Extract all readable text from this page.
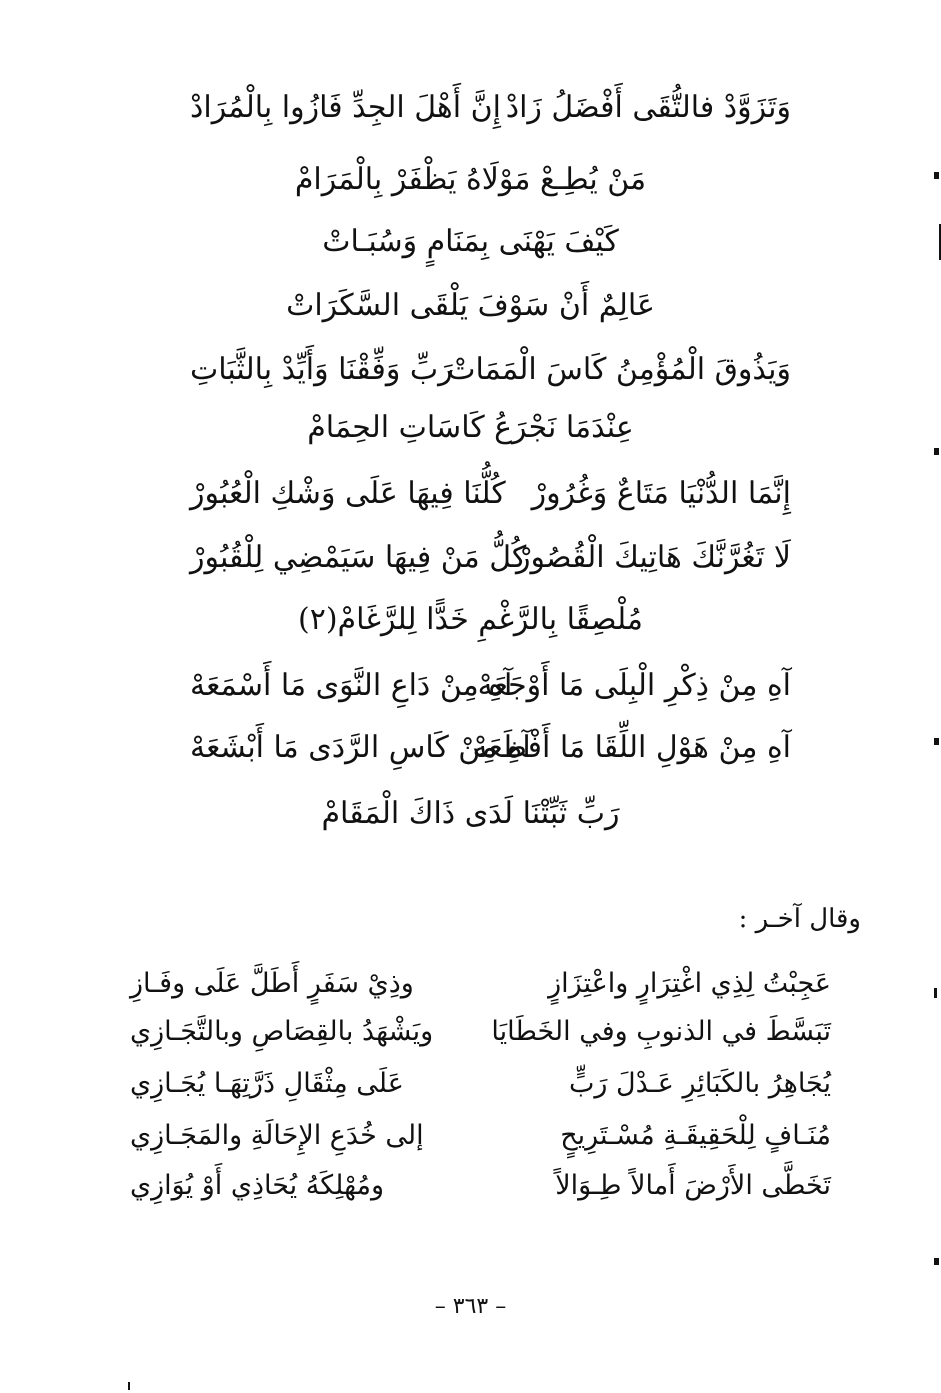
وَتَزَوَّدْ فالتُّقَى أَفْضَلُ زَادْ
إِنَّ أَهْلَ الجِدِّ فَازُوا بِالْمُرَادْ
مَنْ يُطِـعْ مَوْلَاهُ يَظْفَرْ بِالْمَرَامْ
كَيْفَ يَهْنَى بِمَنَامٍ وَسُبَـاتْ
عَالِمٌ أَنْ سَوْفَ يَلْقَى السَّكَرَاتْ
وَيَذُوقَ الْمُؤْمِنُ كَاسَ الْمَمَاتْ
رَبِّ وَفِّقْنَا وَأَيِّدْ بِالثَّبَاتِ
عِنْدَمَا نَجْرَعُ كَاسَاتِ الحِمَامْ
إِنَّمَا الدُّنْيَا مَتَاعٌ وَغُرُورْ
كُلُّنَا فِيهَا عَلَى وَشْكِ الْعُبُورْ
لَا تَغُرَّنَّكَ هَاتِيكَ الْقُصُورْ
كُلُّ مَنْ فِيهَا سَيَمْضِي لِلْقُبُورْ
مُلْصِقًا بِالرَّغْمِ خَدًّا لِلرَّغَامْ(٢)
آهِ مِنْ ذِكْرِ الْبِلَى مَا أَوْجَعَهْ
آهِ مِنْ دَاعِ النَّوَى مَا أَسْمَعَهْ
آهِ مِنْ هَوْلِ اللِّقَا مَا أَفْظَعَهْ
آهِ مِنْ كَاسِ الرَّدَى مَا أَبْشَعَهْ
رَبِّ ثَبِّتْنَا لَدَى ذَاكَ الْمَقَامْ
وقال آخـر :
عَجِبْتُ لِذِي اغْتِرَارٍ واعْتِزَازٍ
وذِيْ سَفَرٍ أَطَلَّ عَلَى وفَـازِ
تَبَسَّطَ في الذنوبِ وفي الخَطَايَا
ويَشْهَدُ بالقِصَاصِ وبالتَّجَـازِي
يُجَاهِرُ بالكَبَائِرِ عَـدْلَ رَبٍّ
عَلَى مِثْقَالِ ذَرَّتِهَـا يُجَـازِي
مُنَـافٍ لِلْحَقِيقَـةِ مُسْـتَرِيحٍ
إلى خُدَعِ الإِحَالَةِ والمَجَـازِي
تَخَطَّى الأَرْضَ أَمالاً طِـوَالاً
ومُهْلِكَهُ يُحَاذِي أَوْ يُوَازِي
– ٣٦٣ –
